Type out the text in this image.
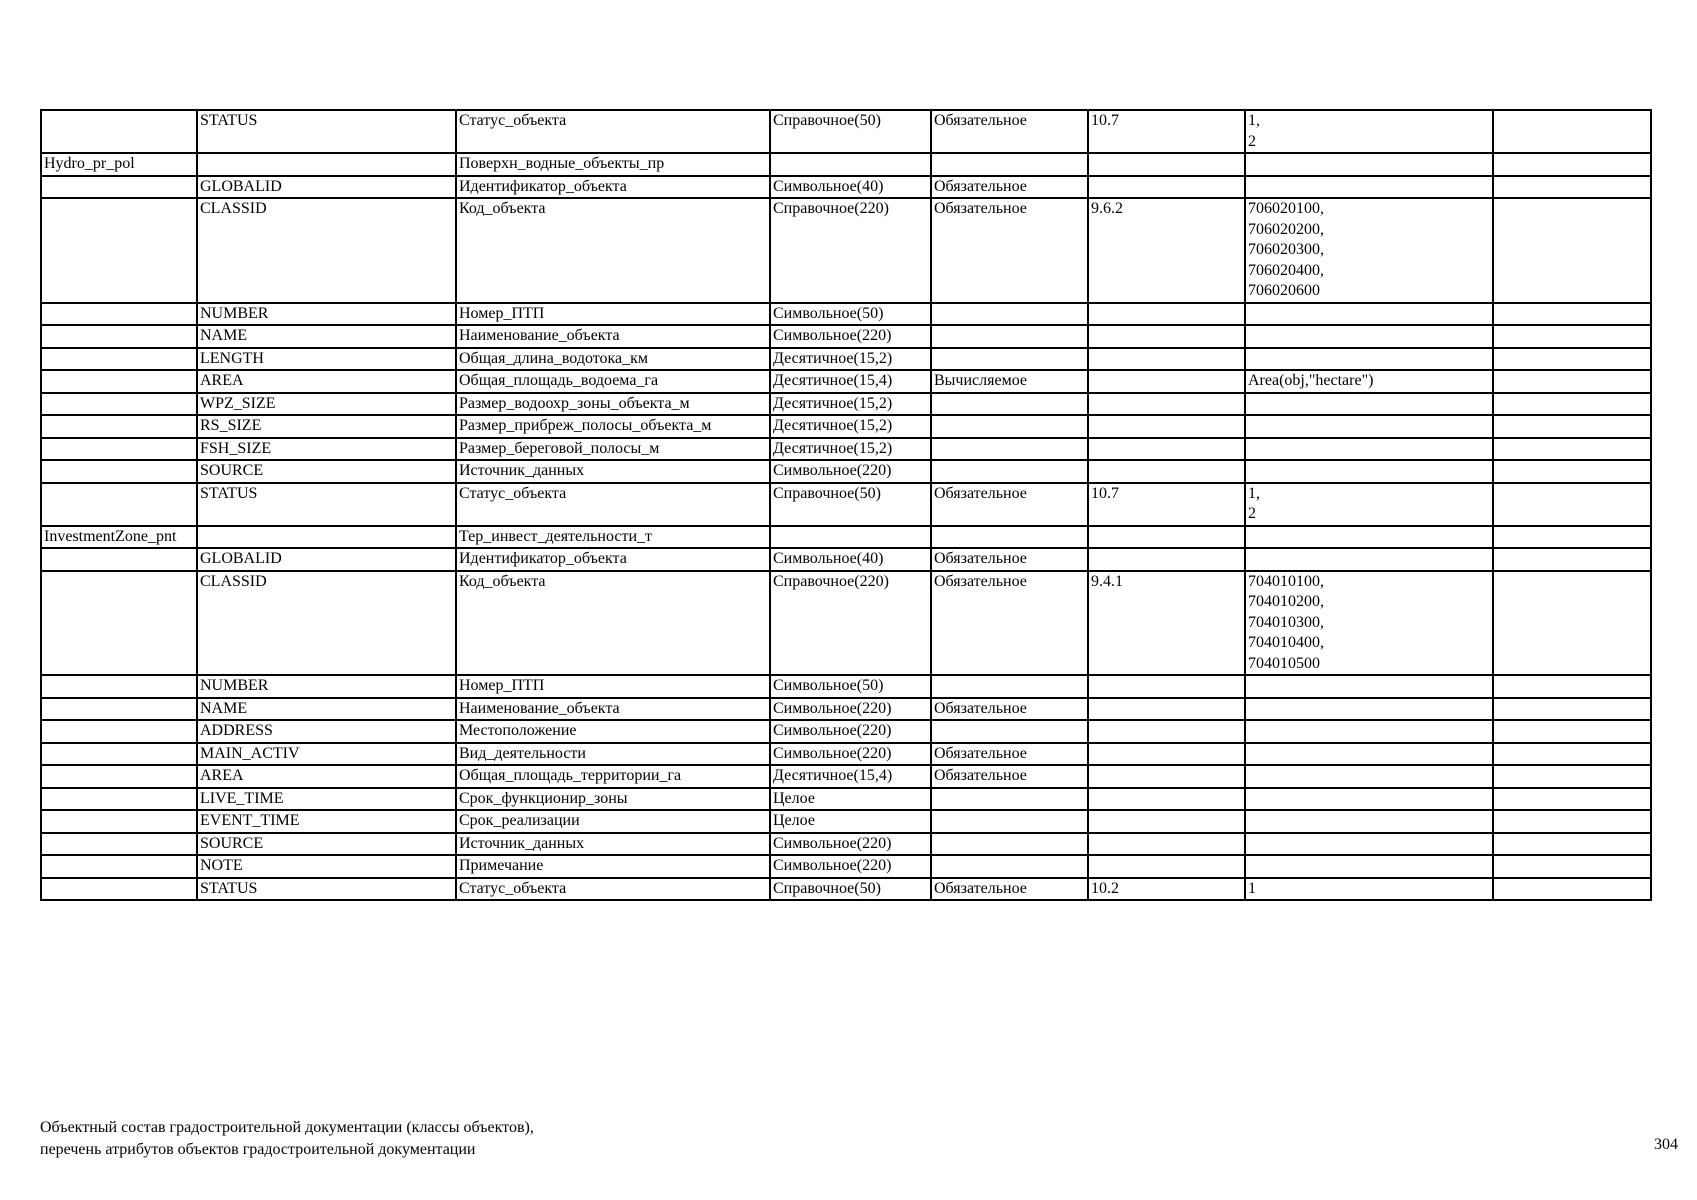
	STATUS	Статус_объекта	Справочное(50)	Обязательное	10.7	1,
2	
Hydro_pr_pol		Поверхн_водные_объекты_пр					
	GLOBALID	Идентификатор_объекта	Символьное(40)	Обязательное			
	CLASSID	Код_объекта	Справочное(220)	Обязательное	9.6.2	706020100,
706020200,
706020300,
706020400,
706020600	
	NUMBER	Номер_ПТП	Символьное(50)				
	NAME	Наименование_объекта	Символьное(220)				
	LENGTH	Общая_длина_водотока_км	Десятичное(15,2)				
	AREA	Общая_площадь_водоема_га	Десятичное(15,4)	Вычисляемое		Area(obj,"hectare")	
	WPZ_SIZE	Размер_водоохр_зоны_объекта_м	Десятичное(15,2)				
	RS_SIZE	Размер_прибреж_полосы_объекта_м	Десятичное(15,2)				
	FSH_SIZE	Размер_береговой_полосы_м	Десятичное(15,2)				
	SOURCE	Источник_данных	Символьное(220)				
	STATUS	Статус_объекта	Справочное(50)	Обязательное	10.7	1,
2	
InvestmentZone_pnt		Тер_инвест_деятельности_т					
	GLOBALID	Идентификатор_объекта	Символьное(40)	Обязательное			
	CLASSID	Код_объекта	Справочное(220)	Обязательное	9.4.1	704010100,
704010200,
704010300,
704010400,
704010500	
	NUMBER	Номер_ПТП	Символьное(50)				
	NAME	Наименование_объекта	Символьное(220)	Обязательное			
	ADDRESS	Местоположение	Символьное(220)				
	MAIN_ACTIV	Вид_деятельности	Символьное(220)	Обязательное			
	AREA	Общая_площадь_территории_га	Десятичное(15,4)	Обязательное			
	LIVE_TIME	Срок_функционир_зоны	Целое				
	EVENT_TIME	Срок_реализации	Целое				
	SOURCE	Источник_данных	Символьное(220)				
	NOTE	Примечание	Символьное(220)				
	STATUS	Статус_объекта	Справочное(50)	Обязательное	10.2	1	
Объектный состав градостроительной документации (классы объектов),
перечень атрибутов объектов градостроительной документации	304
